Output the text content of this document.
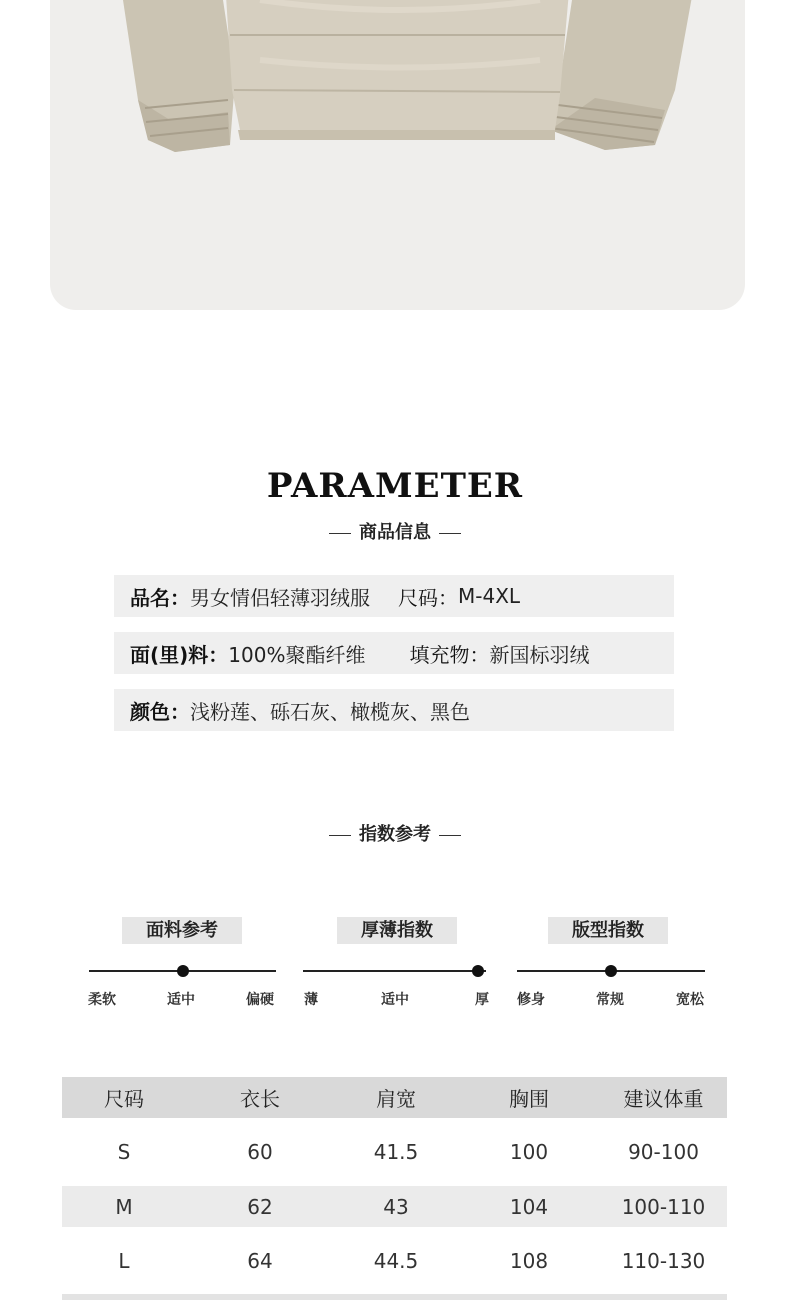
PARAMETER
商品信息
品名： 男女情侣轻薄羽绒服 尺码： M-4XL
面(里)料： 100%聚酯纤维 填充物： 新国标羽绒
颜色： 浅粉莲、砾石灰、橄榄灰、黑色
指数参考
面料参考
柔软	适中	偏硬
厚薄指数
薄	适中	厚
版型指数
修身	常规	宽松
尺码	衣长	肩宽	胸围	建议体重
S	60	41.5	100	90-100
M	62	43	104	100-110
L	64	44.5	108	110-130
